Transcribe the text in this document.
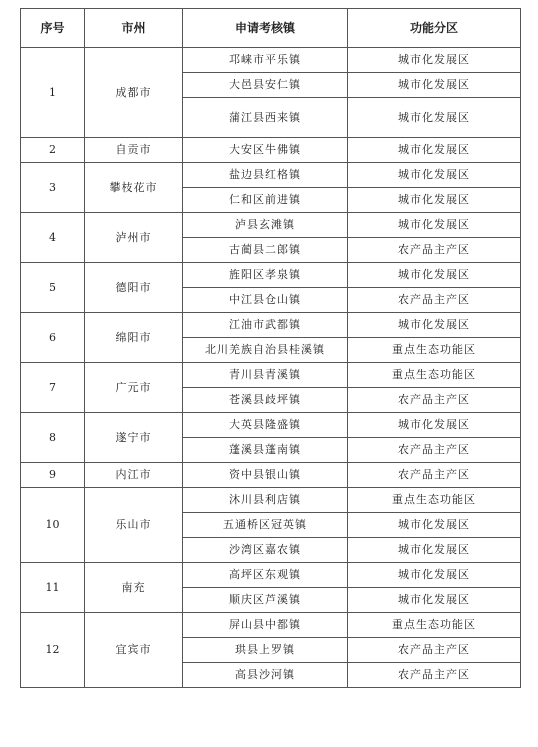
序号	市州	申请考核镇	功能分区
1	成都市	邛崃市平乐镇	城市化发展区
		大邑县安仁镇	城市化发展区
		蒲江县西来镇	城市化发展区
2	自贡市	大安区牛佛镇	城市化发展区
3	攀枝花市	盐边县红格镇	城市化发展区
		仁和区前进镇	城市化发展区
4	泸州市	泸县玄滩镇	城市化发展区
		古蔺县二郎镇	农产品主产区
5	德阳市	旌阳区孝泉镇	城市化发展区
		中江县仓山镇	农产品主产区
6	绵阳市	江油市武都镇	城市化发展区
		北川羌族自治县桂溪镇	重点生态功能区
7	广元市	青川县青溪镇	重点生态功能区
		苍溪县歧坪镇	农产品主产区
8	遂宁市	大英县隆盛镇	城市化发展区
		蓬溪县蓬南镇	农产品主产区
9	内江市	资中县银山镇	农产品主产区
10	乐山市	沐川县利店镇	重点生态功能区
		五通桥区冠英镇	城市化发展区
		沙湾区嘉农镇	城市化发展区
11	南充	高坪区东观镇	城市化发展区
		顺庆区芦溪镇	城市化发展区
12	宜宾市	屏山县中都镇	重点生态功能区
		珙县上罗镇	农产品主产区
		高县沙河镇	农产品主产区
